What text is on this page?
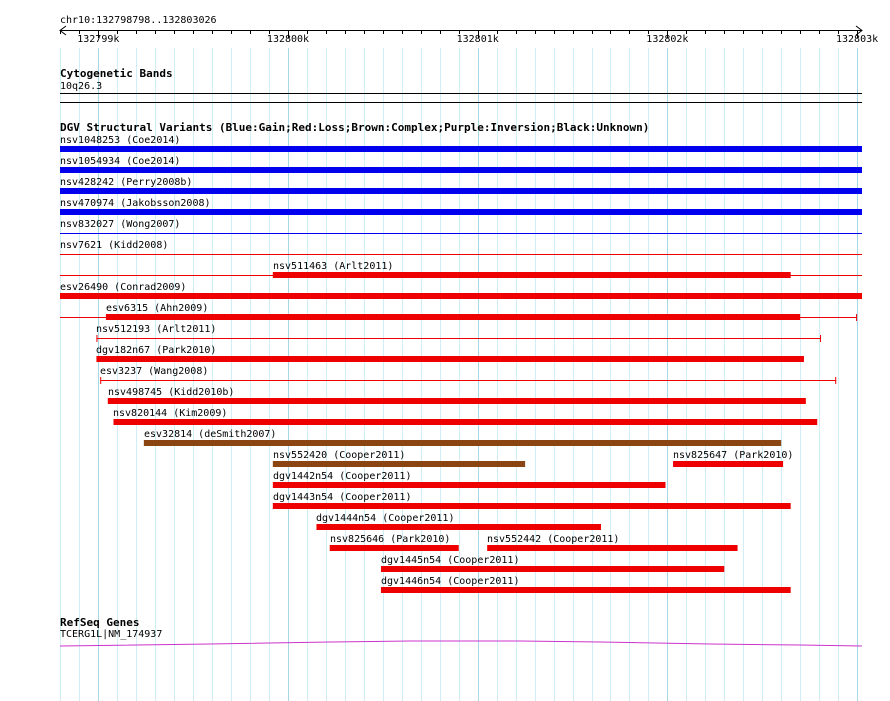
chr10:132798798..132803026
132799k	132800k	132801k	132802k	132803k
Cytogenetic Bands
10q26.3
DGV Structural Variants (Blue:Gain;Red:Loss;Brown:Complex;Purple:Inversion;Black:Unknown)
nsv1048253 (Coe2014)
nsv1054934 (Coe2014)
nsv428242 (Perry2008b)
nsv470974 (Jakobsson2008)
nsv832027 (Wong2007)
nsv7621 (Kidd2008)
nsv511463 (Arlt2011)
esv26490 (Conrad2009)
esv6315 (Ahn2009)
nsv512193 (Arlt2011)
dgv182n67 (Park2010)
esv3237 (Wang2008)
nsv498745 (Kidd2010b)
nsv820144 (Kim2009)
esv32814 (deSmith2007)
nsv552420 (Cooper2011)	nsv825647 (Park2010)
dgv1442n54 (Cooper2011)
dgv1443n54 (Cooper2011)
dgv1444n54 (Cooper2011)
nsv825646 (Park2010)	nsv552442 (Cooper2011)
dgv1445n54 (Cooper2011)
dgv1446n54 (Cooper2011)
RefSeq Genes
TCERG1L|NM_174937
